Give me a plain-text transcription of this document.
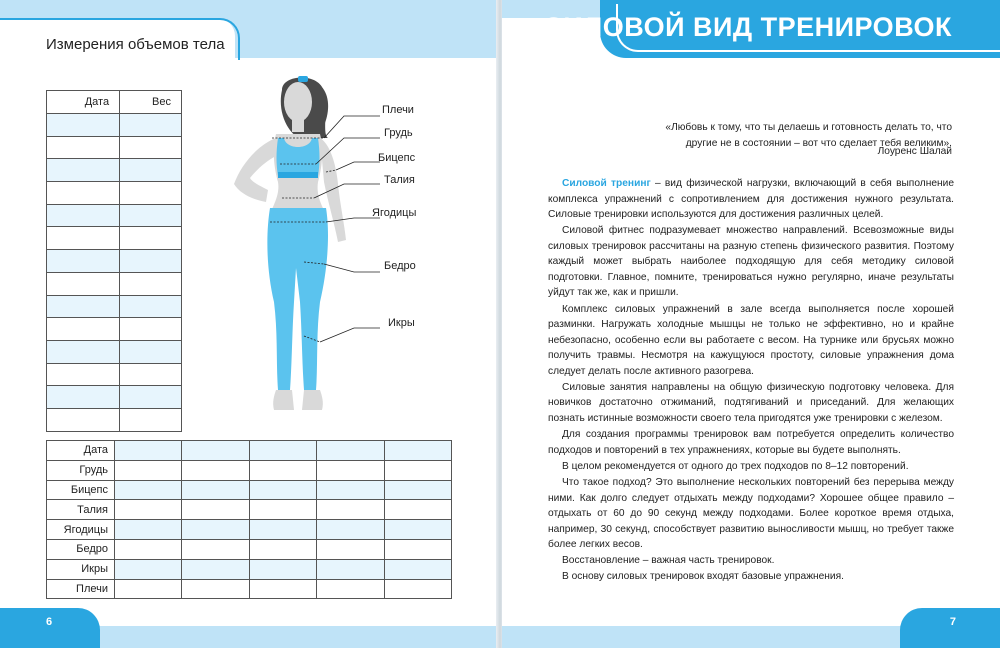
Измерения объемов тела
Дата	Вес

Плечи
Грудь
Бицепс
Талия
Ягодицы
Бедро
Икры
Дата					
Грудь					
Бицепс					
Талия					
Ягодицы					
Бедро					
Икры					
Плечи					
6
СИЛОВОЙ ВИД ТРЕНИРОВОК
7
«Любовь к тому, что ты делаешь и готовность делать то, что другие не в состоянии – вот что сделает тебя великим».
Лоуренс Шалай

Силовой тренинг – вид физической нагрузки, включающий в себя выполнение комплекса упражнений с сопротивлением для достижения нужного результата. Силовые тренировки используются для достижения различных целей.

Силовой фитнес подразумевает множество направлений. Всевозможные виды силовых тренировок рассчитаны на разную степень физического развития. Поэтому каждый может выбрать наиболее подходящую для себя методику силовой подготовки. Главное, помните, тренироваться нужно регулярно, иначе результаты уйдут так же, как и пришли.

Комплекс силовых упражнений в зале всегда выполняется после хорошей разминки. Нагружать холодные мышцы не только не эффективно, но и крайне небезопасно, особенно если вы работаете с весом. На турнике или брусьях можно получить травмы. Несмотря на кажущуюся простоту, силовые упражнения дома следует делать после активного разогрева.

Силовые занятия направлены на общую физическую подготовку человека. Для новичков достаточно отжиманий, подтягиваний и приседаний. Для желающих познать истинные возможности своего тела пригодятся уже тренировки с железом.

Для создания программы тренировок вам потребуется определить количество подходов и повторений в тех упражнениях, которые вы будете выполнять.

В целом рекомендуется от одного до трех подходов по 8–12 повторений.

Что такое подход? Это выполнение нескольких повторений без перерыва между ними. Как долго следует отдыхать между подходами? Хорошее общее правило – отдыхать от 60 до 90 секунд между подходами. Более короткое время отдыха, например, 30 секунд, способствует развитию выносливости мышц, но требует также более легких весов.

Восстановление – важная часть тренировок.

В основу силовых тренировок входят базовые упражнения.
